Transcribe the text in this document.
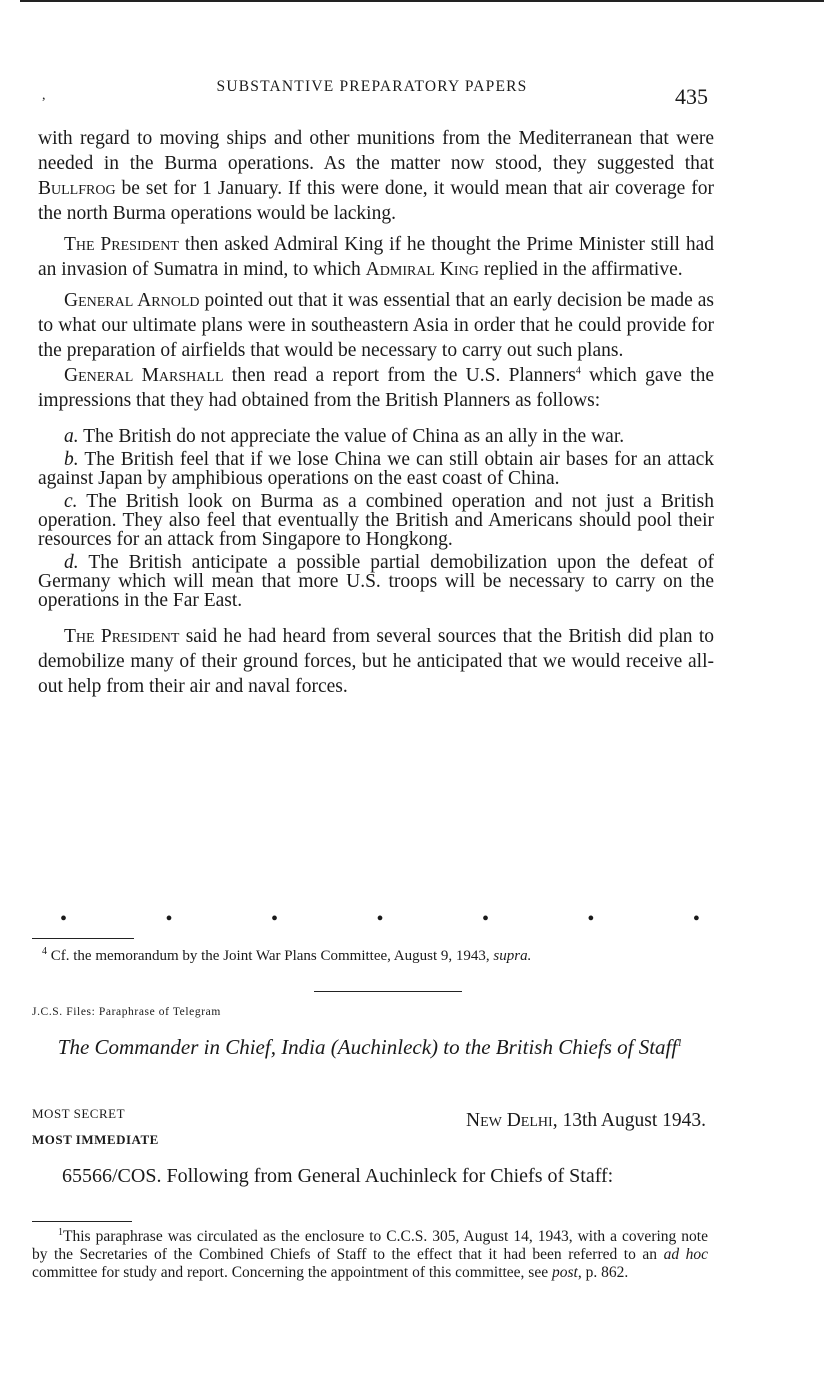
,
SUBSTANTIVE PREPARATORY PAPERS	435

with regard to moving ships and other munitions from the Mediterranean that were needed in the Burma operations. As the matter now stood, they suggested that Bullfrog be set for 1 January. If this were done, it would mean that air coverage for the north Burma operations would be lacking.

The President then asked Admiral King if he thought the Prime Minister still had an invasion of Sumatra in mind, to which Admiral King replied in the affirmative.

General Arnold pointed out that it was essential that an early decision be made as to what our ultimate plans were in southeastern Asia in order that he could provide for the preparation of airfields that would be necessary to carry out such plans.

General Marshall then read a report from the U.S. Planners$^4$ which gave the impressions that they had obtained from the British Planners as follows:

a. The British do not appreciate the value of China as an ally in the war.

b. The British feel that if we lose China we can still obtain air bases for an attack against Japan by amphibious operations on the east coast of China.

c. The British look on Burma as a combined operation and not just a British operation. They also feel that eventually the British and Americans should pool their resources for an attack from Singapore to Hongkong.

d. The British anticipate a possible partial demobilization upon the defeat of Germany which will mean that more U.S. troops will be necessary to carry on the operations in the Far East.

The President said he had heard from several sources that the British did plan to demobilize many of their ground forces, but he anticipated that we would receive all-out help from their air and naval forces.

•	•	•	•	•	•	•
$^4$ Cf. the memorandum by the Joint War Plans Committee, August 9, 1943, supra.
J.C.S. Files: Paraphrase of Telegram
The Commander in Chief, India (Auchinleck) to the British Chiefs of Staff$^1$
MOST SECRET
MOST IMMEDIATE
New Delhi, 13th August 1943.

65566/COS. Following from General Auchinleck for Chiefs of Staff:

$^1$This paraphrase was circulated as the enclosure to C.C.S. 305, August 14, 1943, with a covering note by the Secretaries of the Combined Chiefs of Staff to the effect that it had been referred to an ad hoc committee for study and report. Concerning the appointment of this committee, see post, p. 862.
